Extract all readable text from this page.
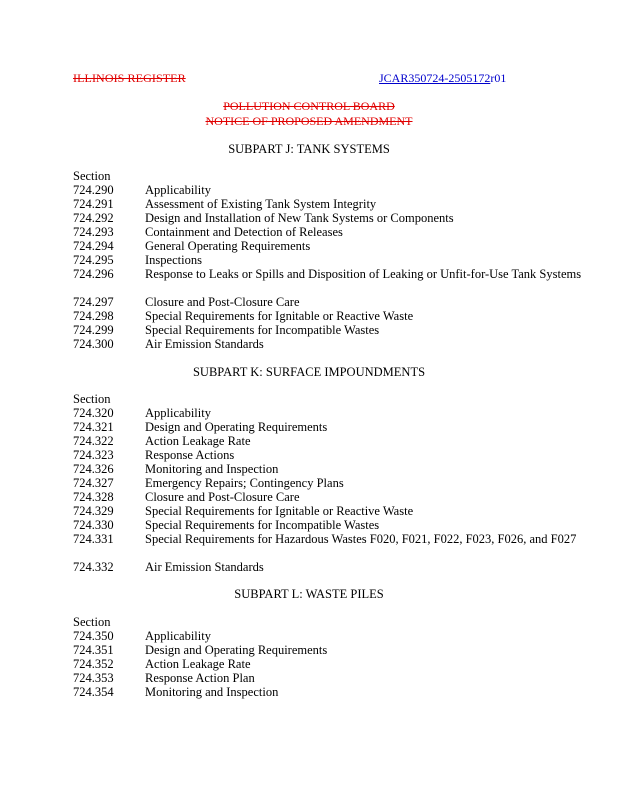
ILLINOIS REGISTER	JCAR350724-2505172r01
POLLUTION CONTROL BOARD
NOTICE OF PROPOSED AMENDMENT
SUBPART J: TANK SYSTEMS
Section
724.290	Applicability
724.291	Assessment of Existing Tank System Integrity
724.292	Design and Installation of New Tank Systems or Components
724.293	Containment and Detection of Releases
724.294	General Operating Requirements
724.295	Inspections
724.296	Response to Leaks or Spills and Disposition of Leaking or Unfit-for-Use Tank Systems
724.297	Closure and Post-Closure Care
724.298	Special Requirements for Ignitable or Reactive Waste
724.299	Special Requirements for Incompatible Wastes
724.300	Air Emission Standards
SUBPART K: SURFACE IMPOUNDMENTS
Section
724.320	Applicability
724.321	Design and Operating Requirements
724.322	Action Leakage Rate
724.323	Response Actions
724.326	Monitoring and Inspection
724.327	Emergency Repairs; Contingency Plans
724.328	Closure and Post-Closure Care
724.329	Special Requirements for Ignitable or Reactive Waste
724.330	Special Requirements for Incompatible Wastes
724.331	Special Requirements for Hazardous Wastes F020, F021, F022, F023, F026, and F027
724.332	Air Emission Standards
SUBPART L: WASTE PILES
Section
724.350	Applicability
724.351	Design and Operating Requirements
724.352	Action Leakage Rate
724.353	Response Action Plan
724.354	Monitoring and Inspection
